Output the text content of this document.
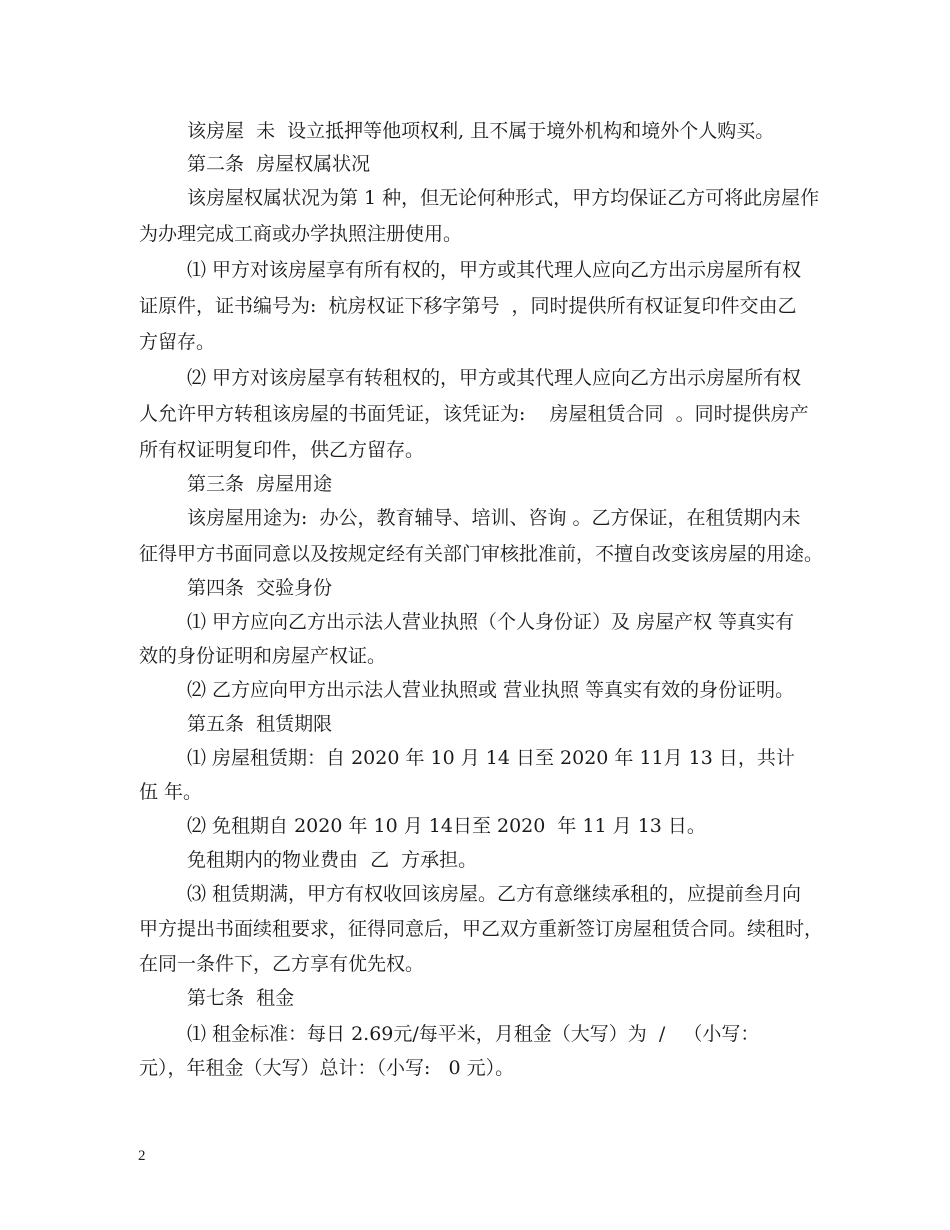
该房屋  未  设立抵押等他项权利, 且不属于境外机构和境外个人购买。
第二条  房屋权属状况
该房屋权属状况为第 1 种，但无论何种形式，甲方均保证乙方可将此房屋作
为办理完成工商或办学执照注册使用。
⑴ 甲方对该房屋享有所有权的，甲方或其代理人应向乙方出示房屋所有权
证原件，证书编号为:  杭房权证下移字第号  ，同时提供所有权证复印件交由乙
方留存。
⑵ 甲方对该房屋享有转租权的，甲方或其代理人应向乙方出示房屋所有权
人允许甲方转租该房屋的书面凭证，该凭证为:    房屋租赁合同  。同时提供房产
所有权证明复印件，供乙方留存。
第三条  房屋用途
该房屋用途为:  办公，教育辅导、培训、咨询 。乙方保证，在租赁期内未
征得甲方书面同意以及按规定经有关部门审核批准前，不擅自改变该房屋的用途。
第四条  交验身份
⑴ 甲方应向乙方出示法人营业执照（个人身份证）及 房屋产权 等真实有
效的身份证明和房屋产权证。
⑵ 乙方应向甲方出示法人营业执照或 营业执照 等真实有效的身份证明。
第五条  租赁期限
⑴ 房屋租赁期：自 2020 年 10 月 14 日至 2020 年 11月 13 日，共计
伍 年。
⑵ 免租期自 2020 年 10 月 14日至 2020  年 11 月 13 日。
免租期内的物业费由  乙  方承担。
⑶ 租赁期满，甲方有权收回该房屋。乙方有意继续承租的，应提前叁月向
甲方提出书面续租要求，征得同意后，甲乙双方重新签订房屋租赁合同。续租时，
在同一条件下，乙方享有优先权。
第七条  租金
⑴ 租金标准：每日 2.69元/每平米，月租金（大写）为  /   （小写：
元），年租金（大写）总计：（小写:   0 元）。
2
